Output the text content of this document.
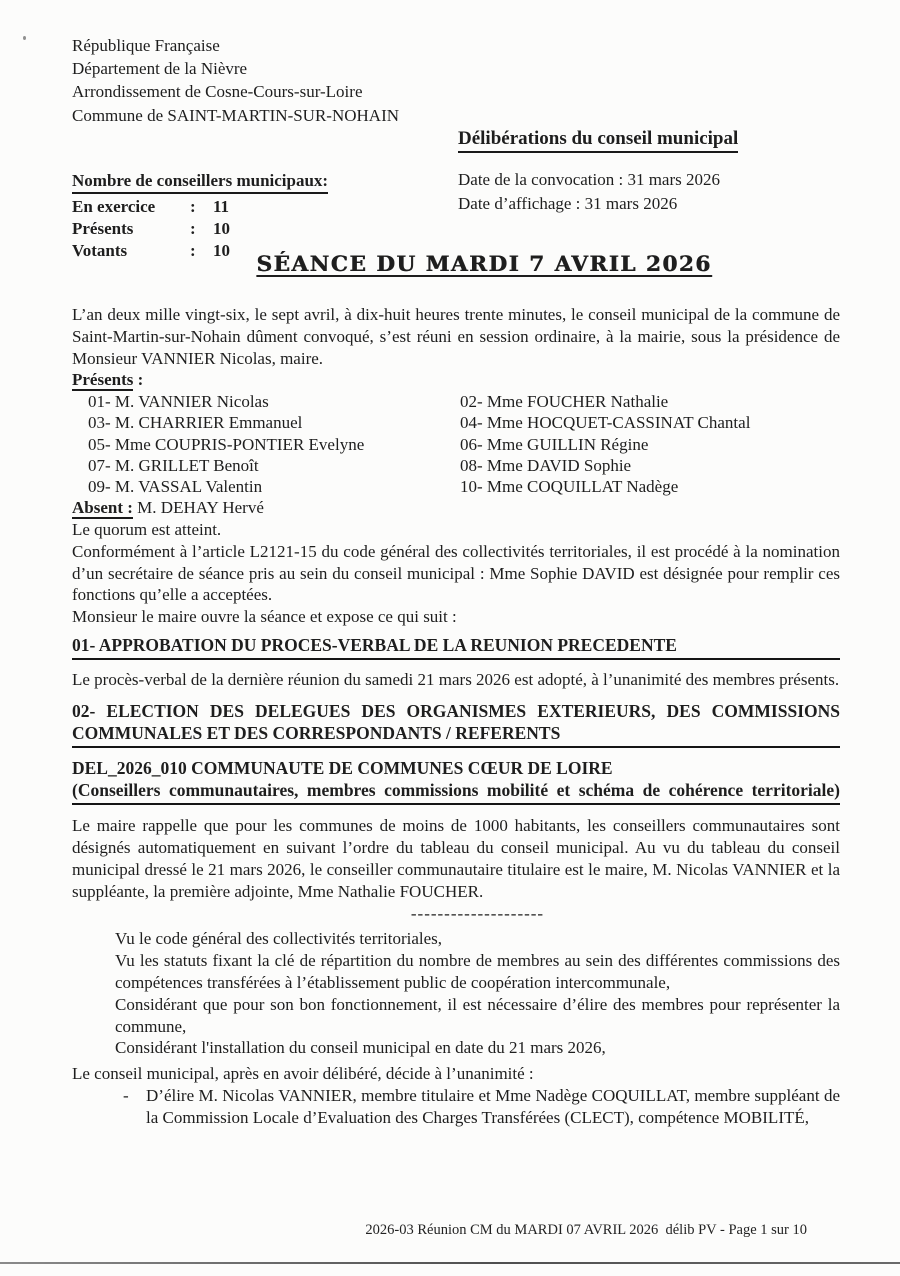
République Française
Département de la Nièvre
Arrondissement de Cosne-Cours-sur-Loire
Commune de SAINT-MARTIN-SUR-NOHAIN
Délibérations du conseil municipal
Nombre de conseillers municipaux:
En exercice	:	11
Présents	:	10
Votants	:	10
Date de la convocation : 31 mars 2026
Date d’affichage : 31 mars 2026
SÉANCE DU MARDI 7 AVRIL 2026

L’an deux mille vingt-six, le sept avril, à dix-huit heures trente minutes, le conseil municipal de la commune de Saint-Martin-sur-Nohain dûment convoqué, s’est réuni en session ordinaire, à la mairie, sous la présidence de Monsieur VANNIER Nicolas, maire.

Présents :
01- M. VANNIER Nicolas	02- Mme FOUCHER Nathalie
03- M. CHARRIER Emmanuel	04- Mme HOCQUET-CASSINAT Chantal
05- Mme COUPRIS-PONTIER Evelyne	06- Mme GUILLIN Régine
07- M. GRILLET Benoît	08- Mme DAVID Sophie
09- M. VASSAL Valentin	10- Mme COQUILLAT Nadège
Absent : M. DEHAY Hervé

Le quorum est atteint.

Conformément à l’article L2121-15 du code général des collectivités territoriales, il est procédé à la nomination d’un secrétaire de séance pris au sein du conseil municipal : Mme Sophie DAVID est désignée pour remplir ces fonctions qu’elle a acceptées.

Monsieur le maire ouvre la séance et expose ce qui suit :

01- APPROBATION DU PROCES-VERBAL DE LA REUNION PRECEDENTE

Le procès-verbal de la dernière réunion du samedi 21 mars 2026 est adopté, à l’unanimité des membres présents.

02- ELECTION DES DELEGUES DES ORGANISMES EXTERIEURS, DES COMMISSIONS
COMMUNALES ET DES CORRESPONDANTS / REFERENTS
DEL_2026_010 COMMUNAUTE DE COMMUNES CŒUR DE LOIRE
(Conseillers communautaires, membres commissions mobilité et schéma de cohérence territoriale)

Le maire rappelle que pour les communes de moins de 1000 habitants, les conseillers communautaires sont désignés automatiquement en suivant l’ordre du tableau du conseil municipal. Au vu du tableau du conseil municipal dressé le 21 mars 2026, le conseiller communautaire titulaire est le maire, M. Nicolas VANNIER et la suppléante, la première adjointe, Mme Nathalie FOUCHER.

--------------------

Vu le code général des collectivités territoriales,

Vu les statuts fixant la clé de répartition du nombre de membres au sein des différentes commissions des compétences transférées à l’établissement public de coopération intercommunale,

Considérant que pour son bon fonctionnement, il est nécessaire d’élire des membres pour représenter la commune,

Considérant l'installation du conseil municipal en date du 21 mars 2026,

Le conseil municipal, après en avoir délibéré, décide à l’unanimité :

-	D’élire M. Nicolas VANNIER, membre titulaire et Mme Nadège COQUILLAT, membre suppléant de la Commission Locale d’Evaluation des Charges Transférées (CLECT), compétence MOBILITÉ,
2026-03 Réunion CM du MARDI 07 AVRIL 2026  délib PV - Page 1 sur 10
